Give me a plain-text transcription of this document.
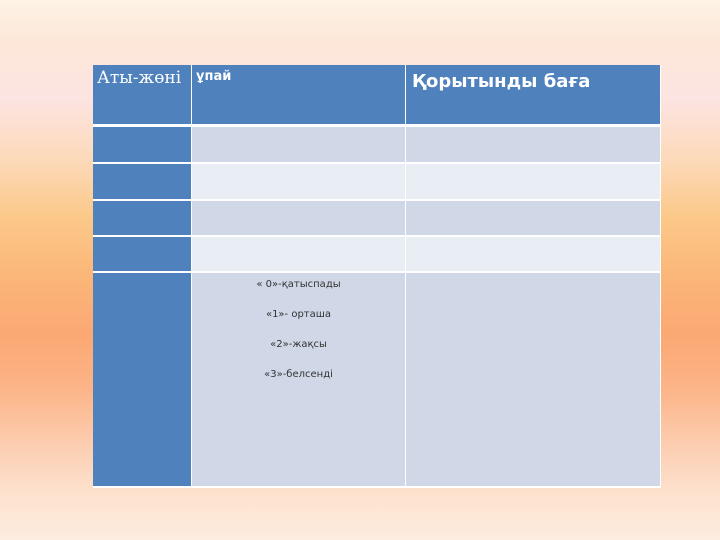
Аты-жөні	ұпай	Қорытынды баға
« 0»-қатыспады
«1»- орташа
«2»-жақсы
«3»-белсенді
